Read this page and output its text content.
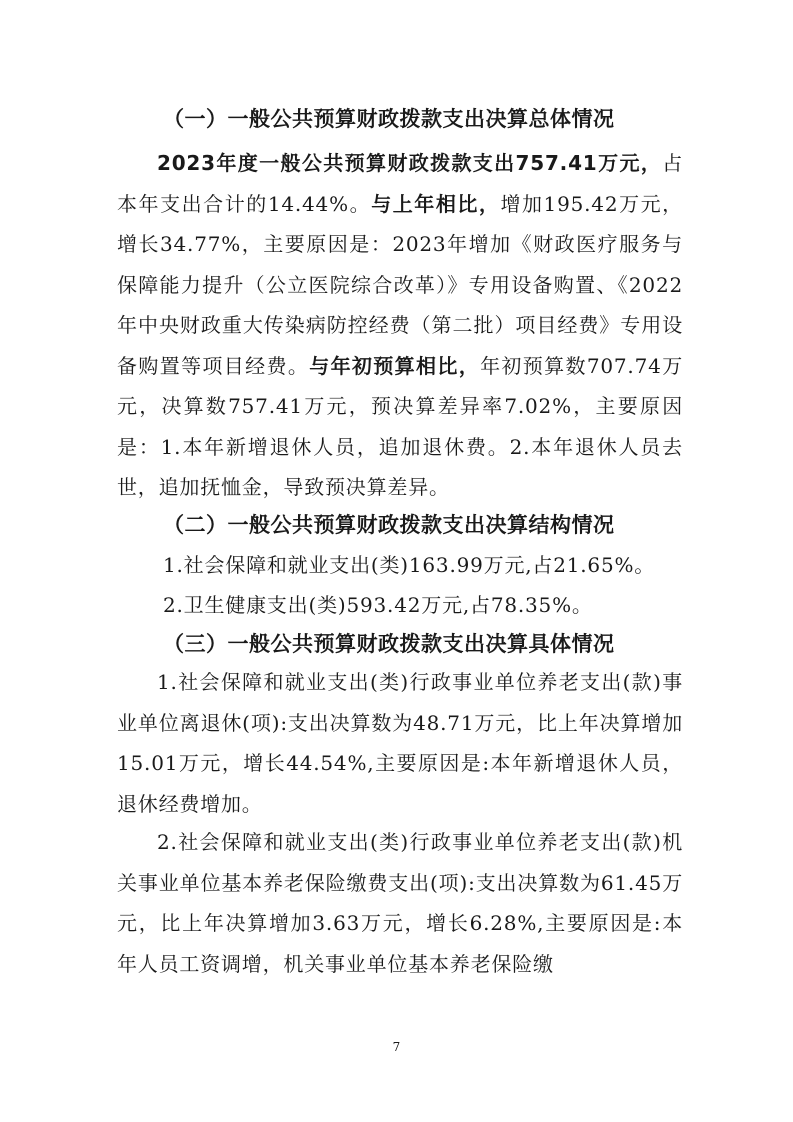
（一）一般公共预算财政拨款支出决算总体情况
2023年度一般公共预算财政拨款支出757.41万元，占本年支出合计的14.44%。与上年相比，增加195.42万元，增长34.77%，主要原因是：2023年增加《财政医疗服务与保障能力提升（公立医院综合改革）》专用设备购置、《2022年中央财政重大传染病防控经费（第二批）项目经费》专用设备购置等项目经费。与年初预算相比，年初预算数707.74万元，决算数757.41万元，预决算差异率7.02%，主要原因是：1.本年新增退休人员，追加退休费。2.本年退休人员去世，追加抚恤金，导致预决算差异。
（二）一般公共预算财政拨款支出决算结构情况
1.社会保障和就业支出(类)163.99万元,占21.65%。
2.卫生健康支出(类)593.42万元,占78.35%。
（三）一般公共预算财政拨款支出决算具体情况
1.社会保障和就业支出(类)行政事业单位养老支出(款)事业单位离退休(项):支出决算数为48.71万元，比上年决算增加15.01万元，增长44.54%,主要原因是:本年新增退休人员，退休经费增加。
2.社会保障和就业支出(类)行政事业单位养老支出(款)机关事业单位基本养老保险缴费支出(项):支出决算数为61.45万元，比上年决算增加3.63万元，增长6.28%,主要原因是:本年人员工资调增，机关事业单位基本养老保险缴
7
